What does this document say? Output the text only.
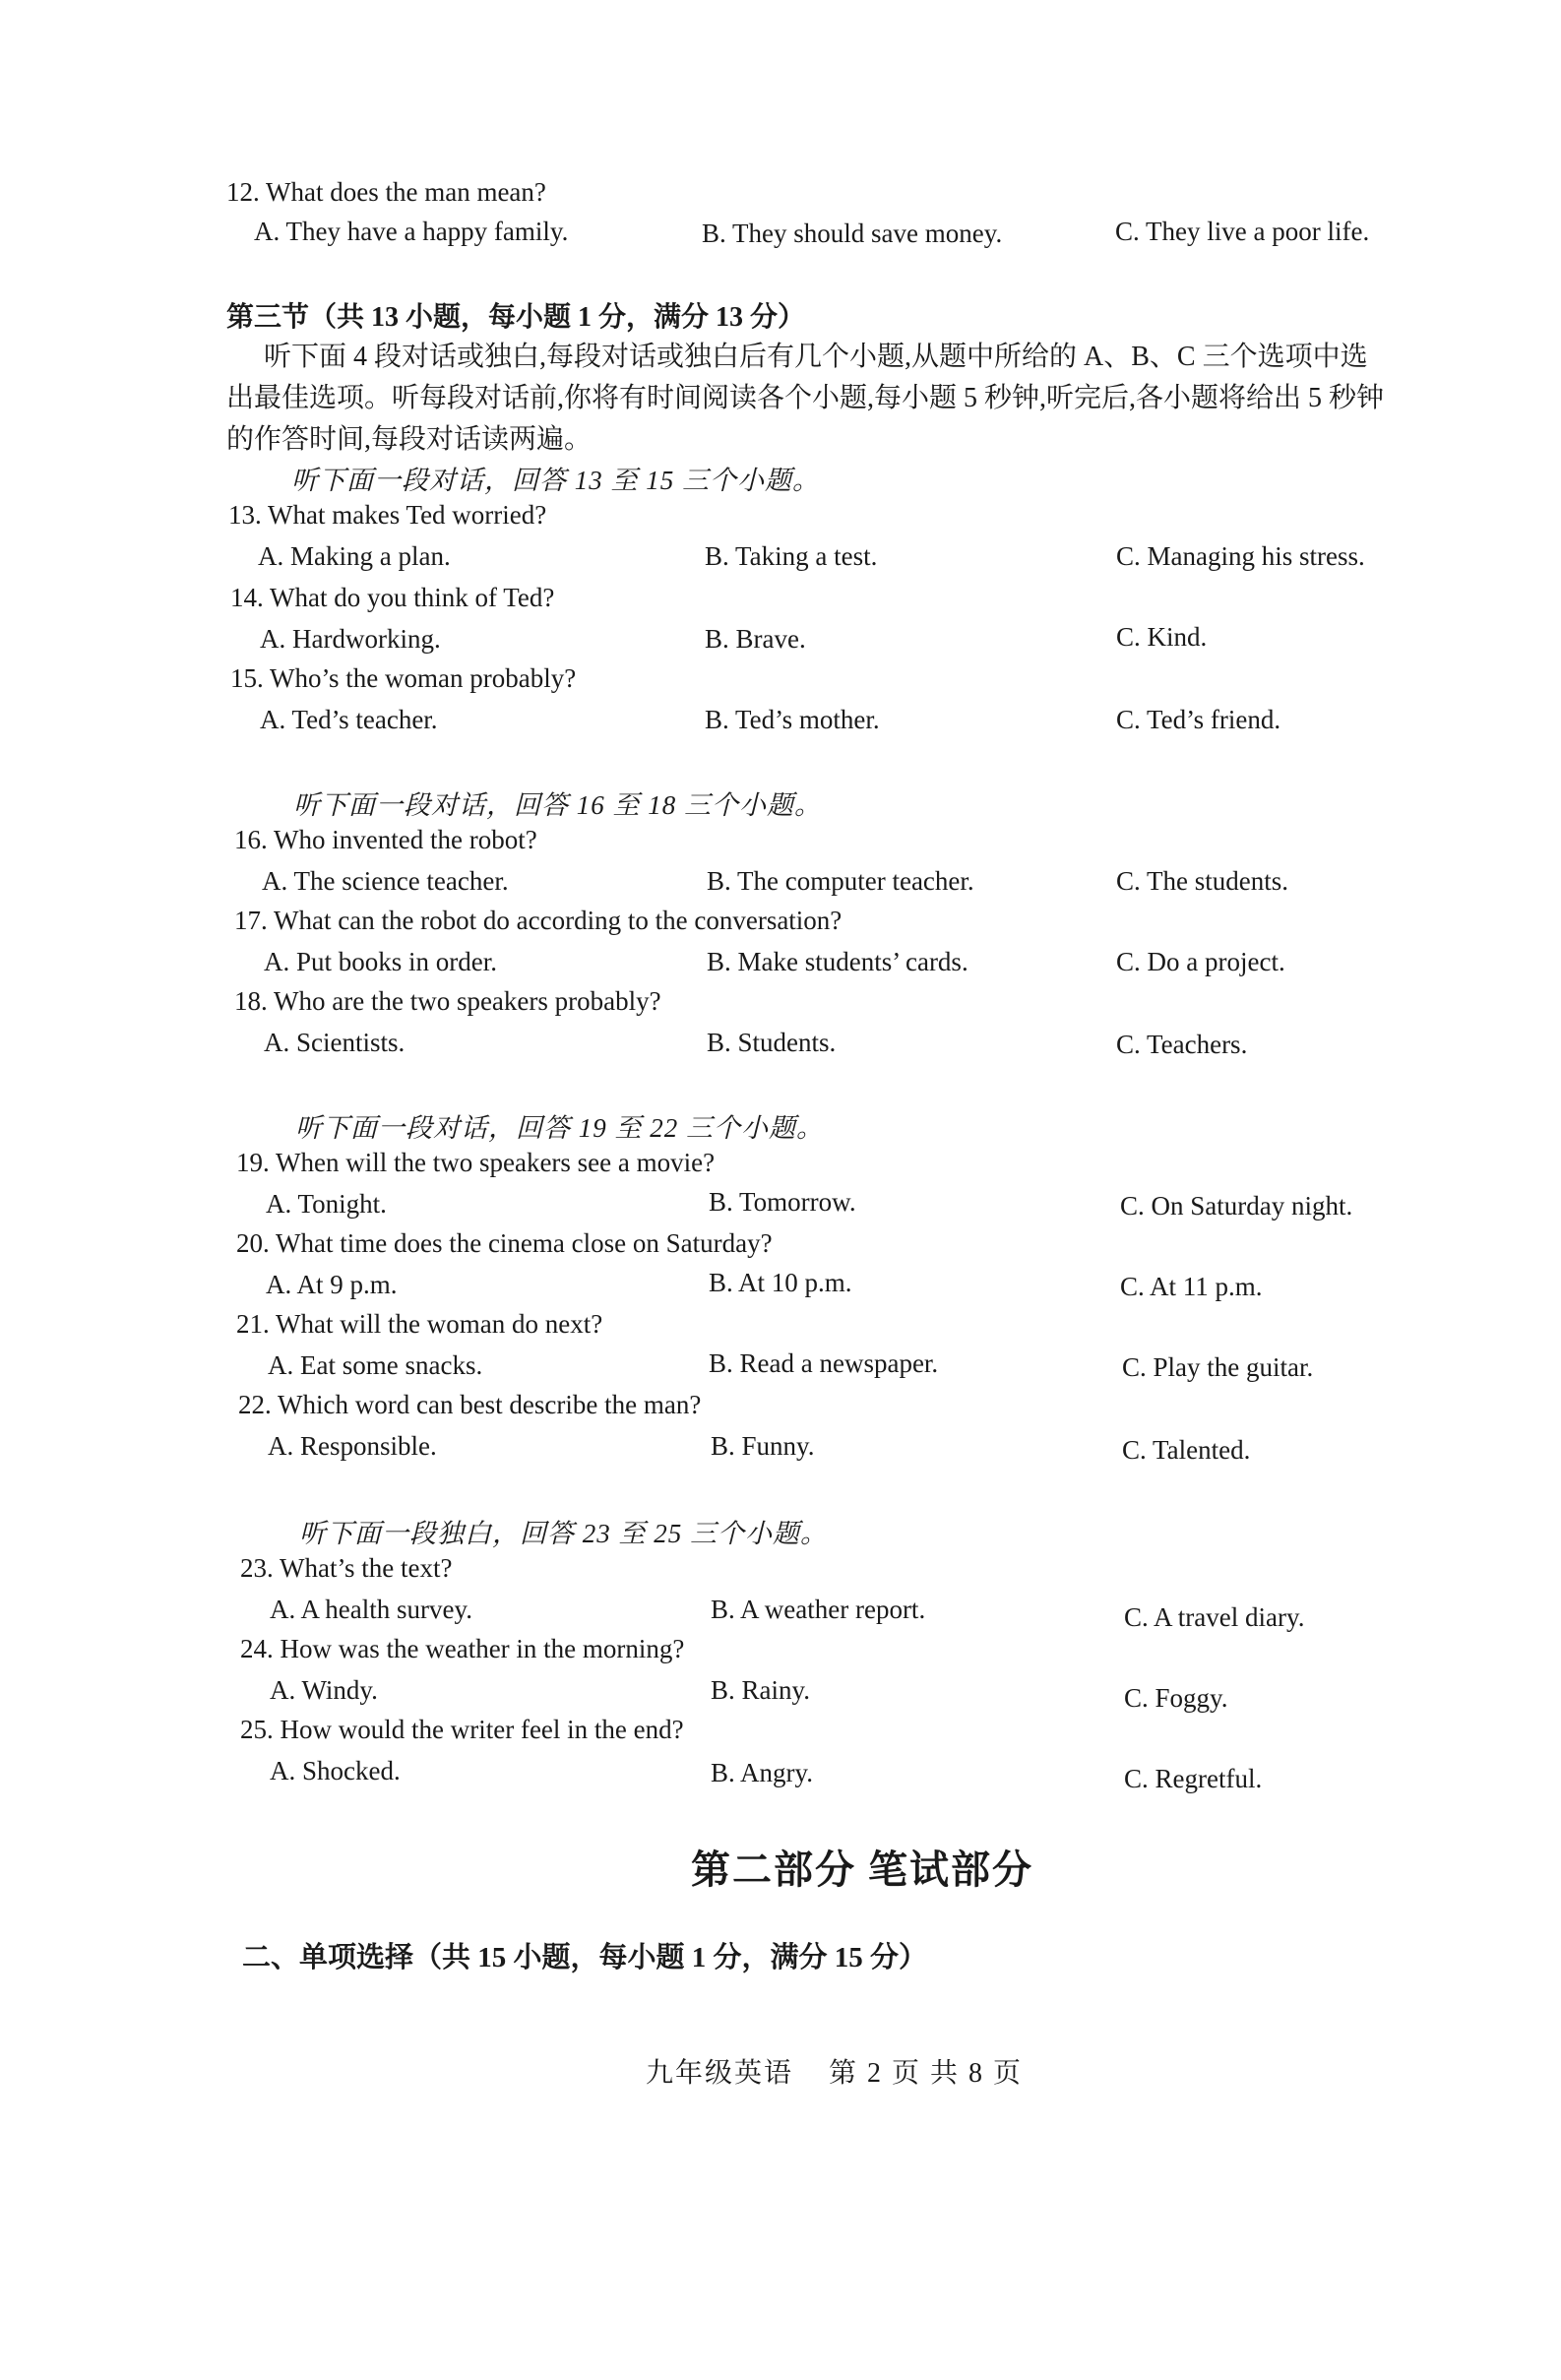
12. What does the man mean?
A. They have a happy family.	B. They should save money.	C. They live a poor life.
第三节（共 13 小题，每小题 1 分，满分 13 分）
听下面 4 段对话或独白,每段对话或独白后有几个小题,从题中所给的 A、B、C 三个选项中选
出最佳选项。听每段对话前,你将有时间阅读各个小题,每小题 5 秒钟,听完后,各小题将给出 5 秒钟
的作答时间,每段对话读两遍。
听下面一段对话，回答 13 至 15 三个小题。
13. What makes Ted worried?
A. Making a plan.	B. Taking a test.	C. Managing his stress.
14. What do you think of Ted?
A. Hardworking.	B. Brave.	C. Kind.
15. Who’s the woman probably?
A. Ted’s teacher.	B. Ted’s mother.	C. Ted’s friend.
听下面一段对话，回答 16 至 18 三个小题。
16. Who invented the robot?
A. The science teacher.	B. The computer teacher.	C. The students.
17. What can the robot do according to the conversation?
A. Put books in order.	B. Make students’ cards.	C. Do a project.
18. Who are the two speakers probably?
A. Scientists.	B. Students.	C. Teachers.
听下面一段对话，回答 19 至 22 三个小题。
19. When will the two speakers see a movie?
A. Tonight.	B. Tomorrow.	C. On Saturday night.
20. What time does the cinema close on Saturday?
A. At 9 p.m.	B. At 10 p.m.	C. At 11 p.m.
21. What will the woman do next?
A. Eat some snacks.	B. Read a newspaper.	C. Play the guitar.
22. Which word can best describe the man?
A. Responsible.	B. Funny.	C. Talented.
听下面一段独白，回答 23 至 25 三个小题。
23. What’s the text?
A. A health survey.	B. A weather report.	C. A travel diary.
24. How was the weather in the morning?
A. Windy.	B. Rainy.	C. Foggy.
25. How would the writer feel in the end?
A. Shocked.	B. Angry.	C. Regretful.
第二部分 笔试部分
二、单项选择（共 15 小题，每小题 1 分，满分 15 分）
九年级英语    第 2 页 共 8 页
